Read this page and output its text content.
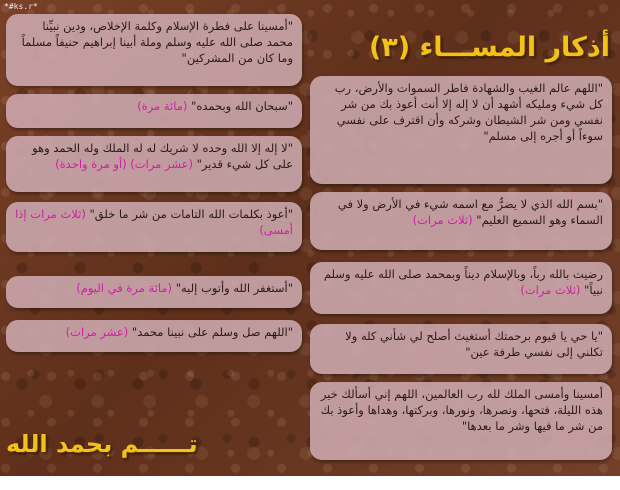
*#ks.r*
أذكار المســـاء (٣)
"اللهم عالم الغيب والشهادة فاطر السموات والأرض، رب كل شيء ومليكه أشهد أن لا إله إلا أنت أعوذ بك من شر نفسي ومن شر الشيطان وشركه وأن اقترف على نفسي سوءاً أو أجره إلى مسلم"
"بسم الله الذي لا يضرُّ مع اسمه شيء في الأرض ولا في السماء وهو السميع العليم" (ثلاث مرات)
رضيت بالله رباً، وبالإسلام ديناً وبمحمد صلى الله عليه وسلم نبياً" (ثلاث مرات)
"يا حي يا قيوم برحمتك أستغيث أصلح لي شأني كله ولا تكلني إلى نفسي طرفة عين"
أمسينا وأمسى الملك لله رب العالمين، اللهم إني أسألك خير هذه الليلة، فتحها، ونصرها، ونورها، وبركتها، وهداها وأعوذ بك من شر ما فيها وشر ما بعدها"
"أمسينا على فطرة الإسلام وكلمة الإخلاص، ودين نبيِّنا محمد صلى الله عليه وسلم وملة أبينا إبراهيم حنيفاً مسلماً وما كان من المشركين"
"سبحان الله وبحمده" (مائة مرة)
"لا إله إلا الله وحده لا شريك له له الملك وله الحمد وهو على كل شيء قدير" (عشر مرات) (أو مرة واحدة)
"أعوذ بكلمات الله التامات من شر ما خلق" (ثلاث مرات إذا أمسى)
"أستغفر الله وأتوب إليه" (مائة مرة في اليوم)
"اللهم صل وسلم على نبينا محمد" (عشر مرات)
تــــــم بحمد الله
